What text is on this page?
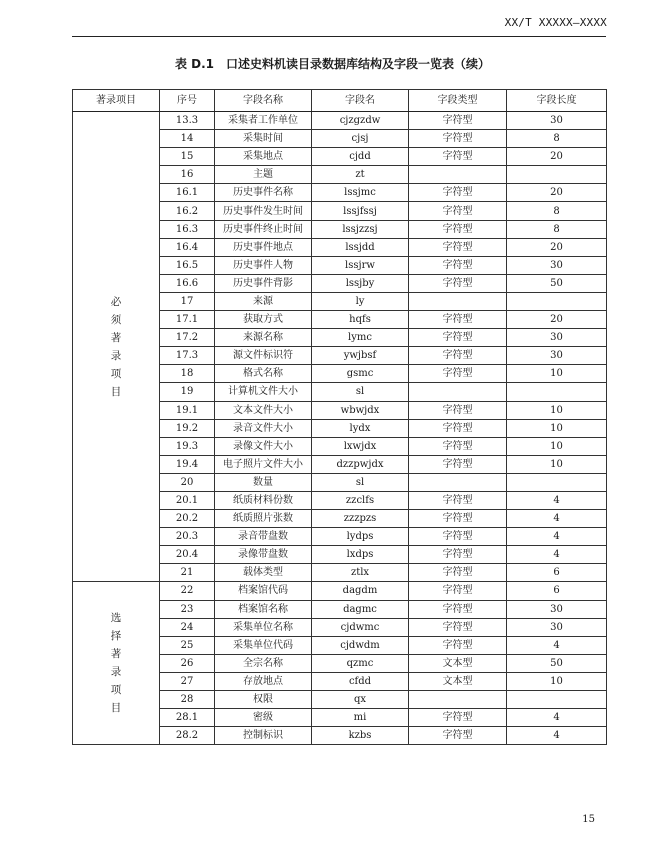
XX/T XXXXX—XXXX
表 D.1　口述史料机读目录数据库结构及字段一览表（续）
著录项目	序号	字段名称	字段名	字段类型	字段长度
必须著录项目	13.3	采集者工作单位	cjzgzdw	字符型	30
	14	采集时间	cjsj	字符型	8
	15	采集地点	cjdd	字符型	20
	16	主题	zt		
	16.1	历史事件名称	lssjmc	字符型	20
	16.2	历史事件发生时间	lssjfssj	字符型	8
	16.3	历史事件终止时间	lssjzzsj	字符型	8
	16.4	历史事件地点	lssjdd	字符型	20
	16.5	历史事件人物	lssjrw	字符型	30
	16.6	历史事件背影	lssjby	字符型	50
	17	来源	ly		
	17.1	获取方式	hqfs	字符型	20
	17.2	来源名称	lymc	字符型	30
	17.3	源文件标识符	ywjbsf	字符型	30
	18	格式名称	gsmc	字符型	10
	19	计算机文件大小	sl		
	19.1	文本文件大小	wbwjdx	字符型	10
	19.2	录音文件大小	lydx	字符型	10
	19.3	录像文件大小	lxwjdx	字符型	10
	19.4	电子照片文件大小	dzzpwjdx	字符型	10
	20	数量	sl		
	20.1	纸质材料份数	zzclfs	字符型	4
	20.2	纸质照片张数	zzzpzs	字符型	4
	20.3	录音带盘数	lydps	字符型	4
	20.4	录像带盘数	lxdps	字符型	4
	21	载体类型	ztlx	字符型	6
选择著录项目	22	档案馆代码	dagdm	字符型	6
	23	档案馆名称	dagmc	字符型	30
	24	采集单位名称	cjdwmc	字符型	30
	25	采集单位代码	cjdwdm	字符型	4
	26	全宗名称	qzmc	文本型	50
	27	存放地点	cfdd	文本型	10
	28	权限	qx		
	28.1	密级	mi	字符型	4
	28.2	控制标识	kzbs	字符型	4
15
